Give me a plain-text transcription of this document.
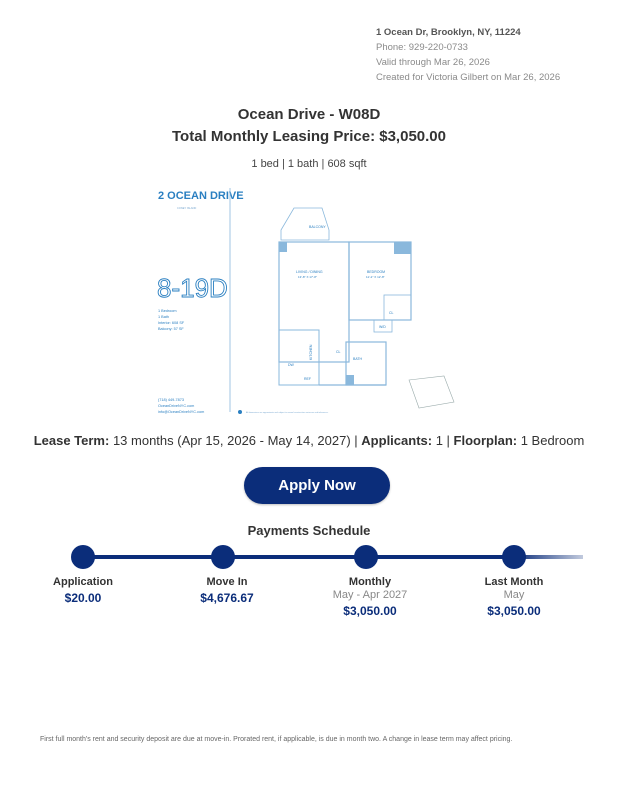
1 Ocean Dr, Brooklyn, NY, 11224
Phone: 929-220-0733
Valid through Mar 26, 2026
Created for Victoria Gilbert on Mar 26, 2026
Ocean Drive - W08D
Total Monthly Leasing Price: $3,050.00
1 bed | 1 bath | 608 sqft
2 OCEAN DRIVE
CONEY ISLAND
8-19D
1 Bedroom
1 Bath
Interior: 608 SF
Balcony: 57 SF
(718) 449-7873
OceanDriveNYC.com
info@OceanDriveNYC.com
BALCONY
LIVING / DINING
13'-8" X 17'-8"
BEDROOM
11'-2" X 12'-8"
CL
W/D
KITCHEN
DW
REF
BATH
CL
All dimensions are approximate and subject to normal construction variances and tolerances.
Lease Term: 13 months (Apr 15, 2026 - May 14, 2027) | Applicants: 1 | Floorplan: 1 Bedroom
Apply Now
Payments Schedule
Application
$20.00
Move In
$4,676.67
Monthly
May - Apr 2027
$3,050.00
Last Month
May
$3,050.00
First full month's rent and security deposit are due at move-in. Prorated rent, if applicable, is due in month two. A change in lease term may affect pricing.
